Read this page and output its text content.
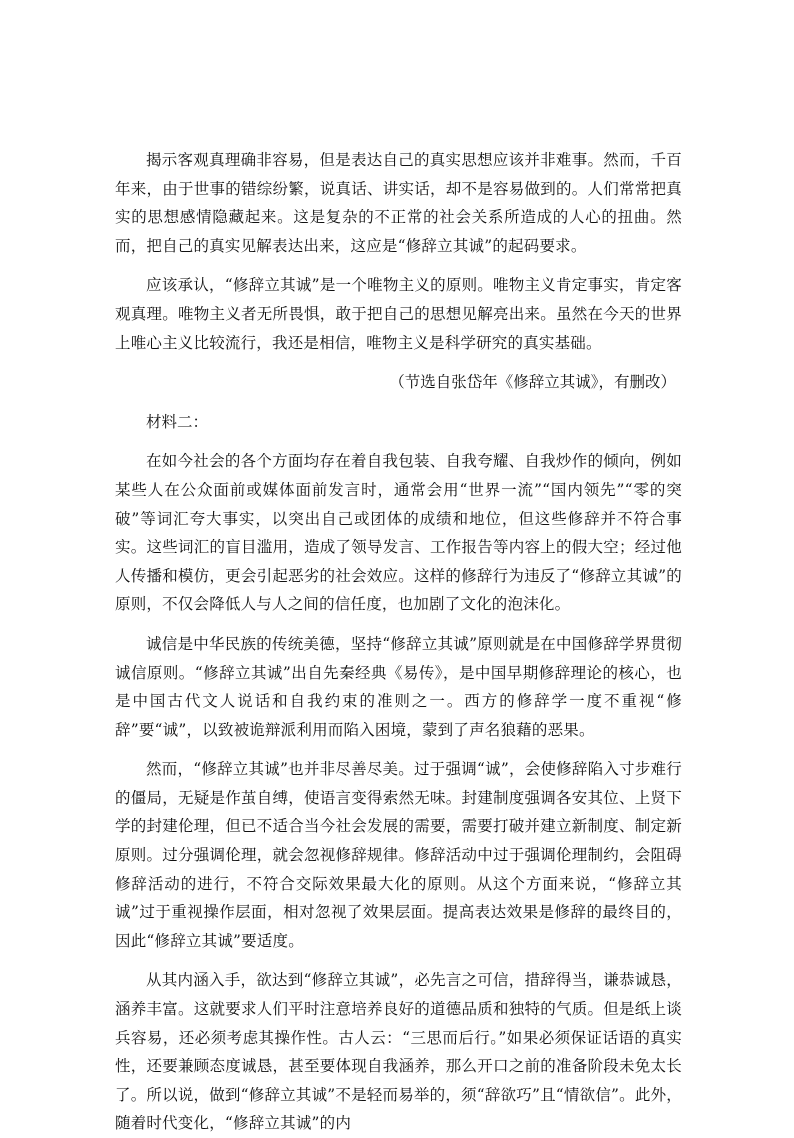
揭示客观真理确非容易，但是表达自己的真实思想应该并非难事。然而，千百年来，由于世事的错综纷繁，说真话、讲实话，却不是容易做到的。人们常常把真实的思想感情隐藏起来。这是复杂的不正常的社会关系所造成的人心的扭曲。然而，把自己的真实见解表达出来，这应是“修辞立其诚”的起码要求。

应该承认，“修辞立其诚”是一个唯物主义的原则。唯物主义肯定事实，肯定客观真理。唯物主义者无所畏惧，敢于把自己的思想见解亮出来。虽然在今天的世界上唯心主义比较流行，我还是相信，唯物主义是科学研究的真实基础。

（节选自张岱年《修辞立其诚》，有删改）

材料二：

在如今社会的各个方面均存在着自我包装、自我夸耀、自我炒作的倾向，例如某些人在公众面前或媒体面前发言时，通常会用“世界一流”“国内领先”“零的突破”等词汇夸大事实，以突出自己或团体的成绩和地位，但这些修辞并不符合事实。这些词汇的盲目滥用，造成了领导发言、工作报告等内容上的假大空；经过他人传播和模仿，更会引起恶劣的社会效应。这样的修辞行为违反了“修辞立其诚”的原则，不仅会降低人与人之间的信任度，也加剧了文化的泡沫化。

诚信是中华民族的传统美德，坚持“修辞立其诚”原则就是在中国修辞学界贯彻诚信原则。“修辞立其诚”出自先秦经典《易传》，是中国早期修辞理论的核心，也是中国古代文人说话和自我约束的准则之一。西方的修辞学一度不重视“修辞”要“诚”，以致被诡辩派利用而陷入困境，蒙到了声名狼藉的恶果。

然而，“修辞立其诚”也并非尽善尽美。过于强调“诚”，会使修辞陷入寸步难行的僵局，无疑是作茧自缚，使语言变得索然无味。封建制度强调各安其位、上贤下学的封建伦理，但已不适合当今社会发展的需要，需要打破并建立新制度、制定新原则。过分强调伦理，就会忽视修辞规律。修辞活动中过于强调伦理制约，会阻碍修辞活动的进行，不符合交际效果最大化的原则。从这个方面来说，“修辞立其诚”过于重视操作层面，相对忽视了效果层面。提高表达效果是修辞的最终目的，因此“修辞立其诚”要适度。

从其内涵入手，欲达到“修辞立其诚”，必先言之可信，措辞得当，谦恭诚恳，涵养丰富。这就要求人们平时注意培养良好的道德品质和独特的气质。但是纸上谈兵容易，还必须考虑其操作性。古人云：“三思而后行。”如果必须保证话语的真实性，还要兼顾态度诚恳，甚至要体现自我涵养，那么开口之前的准备阶段未免太长了。所以说，做到“修辞立其诚”不是轻而易举的，须“辞欲巧”且“情欲信”。此外，随着时代变化，“修辞立其诚”的内
